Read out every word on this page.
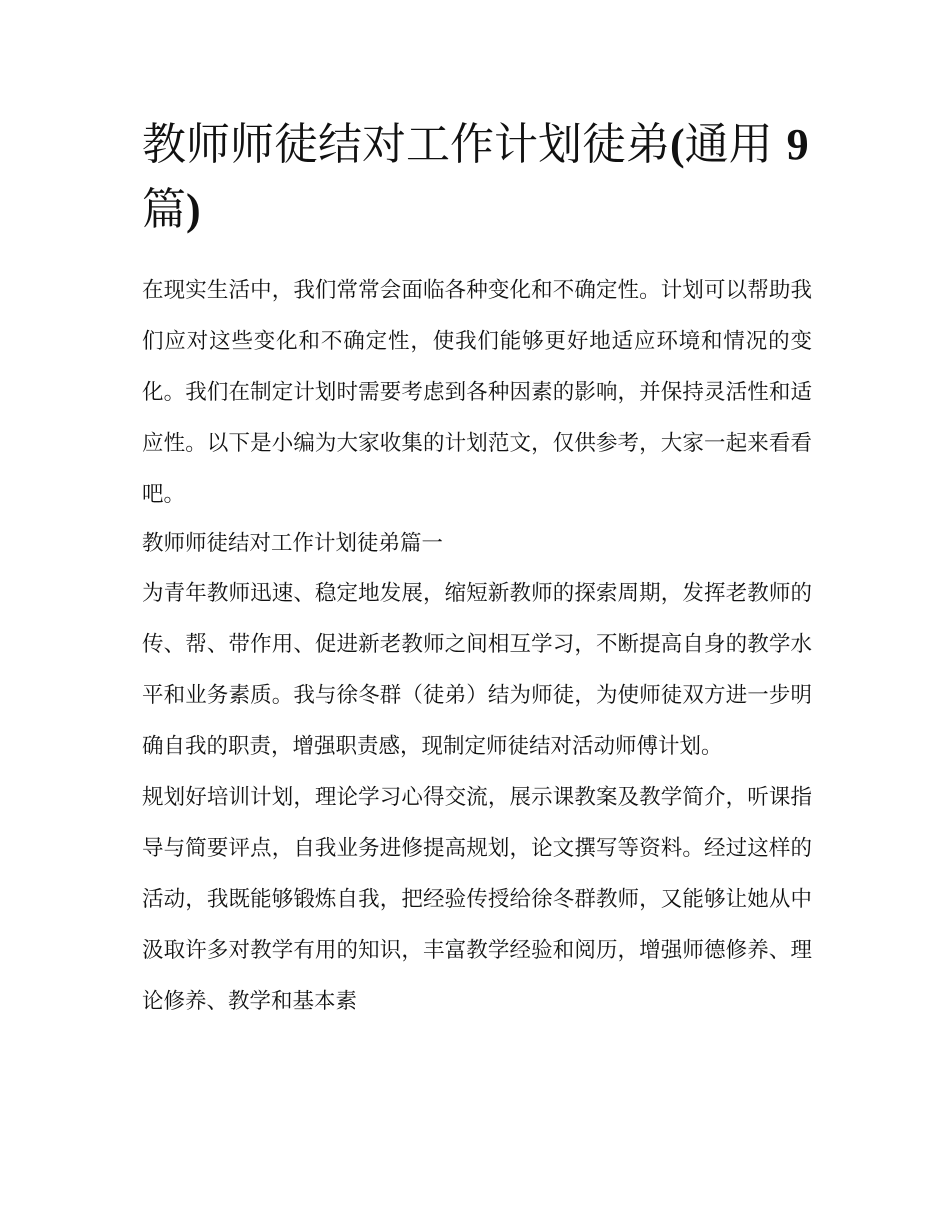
教师师徒结对工作计划徒弟(通用 9 篇)

在现实生活中，我们常常会面临各种变化和不确定性。计划可以帮助我们应对这些变化和不确定性，使我们能够更好地适应环境和情况的变化。我们在制定计划时需要考虑到各种因素的影响，并保持灵活性和适应性。以下是小编为大家收集的计划范文，仅供参考，大家一起来看看吧。

教师师徒结对工作计划徒弟篇一

为青年教师迅速、稳定地发展，缩短新教师的探索周期，发挥老教师的传、帮、带作用、促进新老教师之间相互学习，不断提高自身的教学水平和业务素质。我与徐冬群（徒弟）结为师徒，为使师徒双方进一步明确自我的职责，增强职责感，现制定师徒结对活动师傅计划。

规划好培训计划，理论学习心得交流，展示课教案及教学简介，听课指导与简要评点，自我业务进修提高规划，论文撰写等资料。经过这样的活动，我既能够锻炼自我，把经验传授给徐冬群教师，又能够让她从中汲取许多对教学有用的知识，丰富教学经验和阅历，增强师德修养、理论修养、教学和基本素
